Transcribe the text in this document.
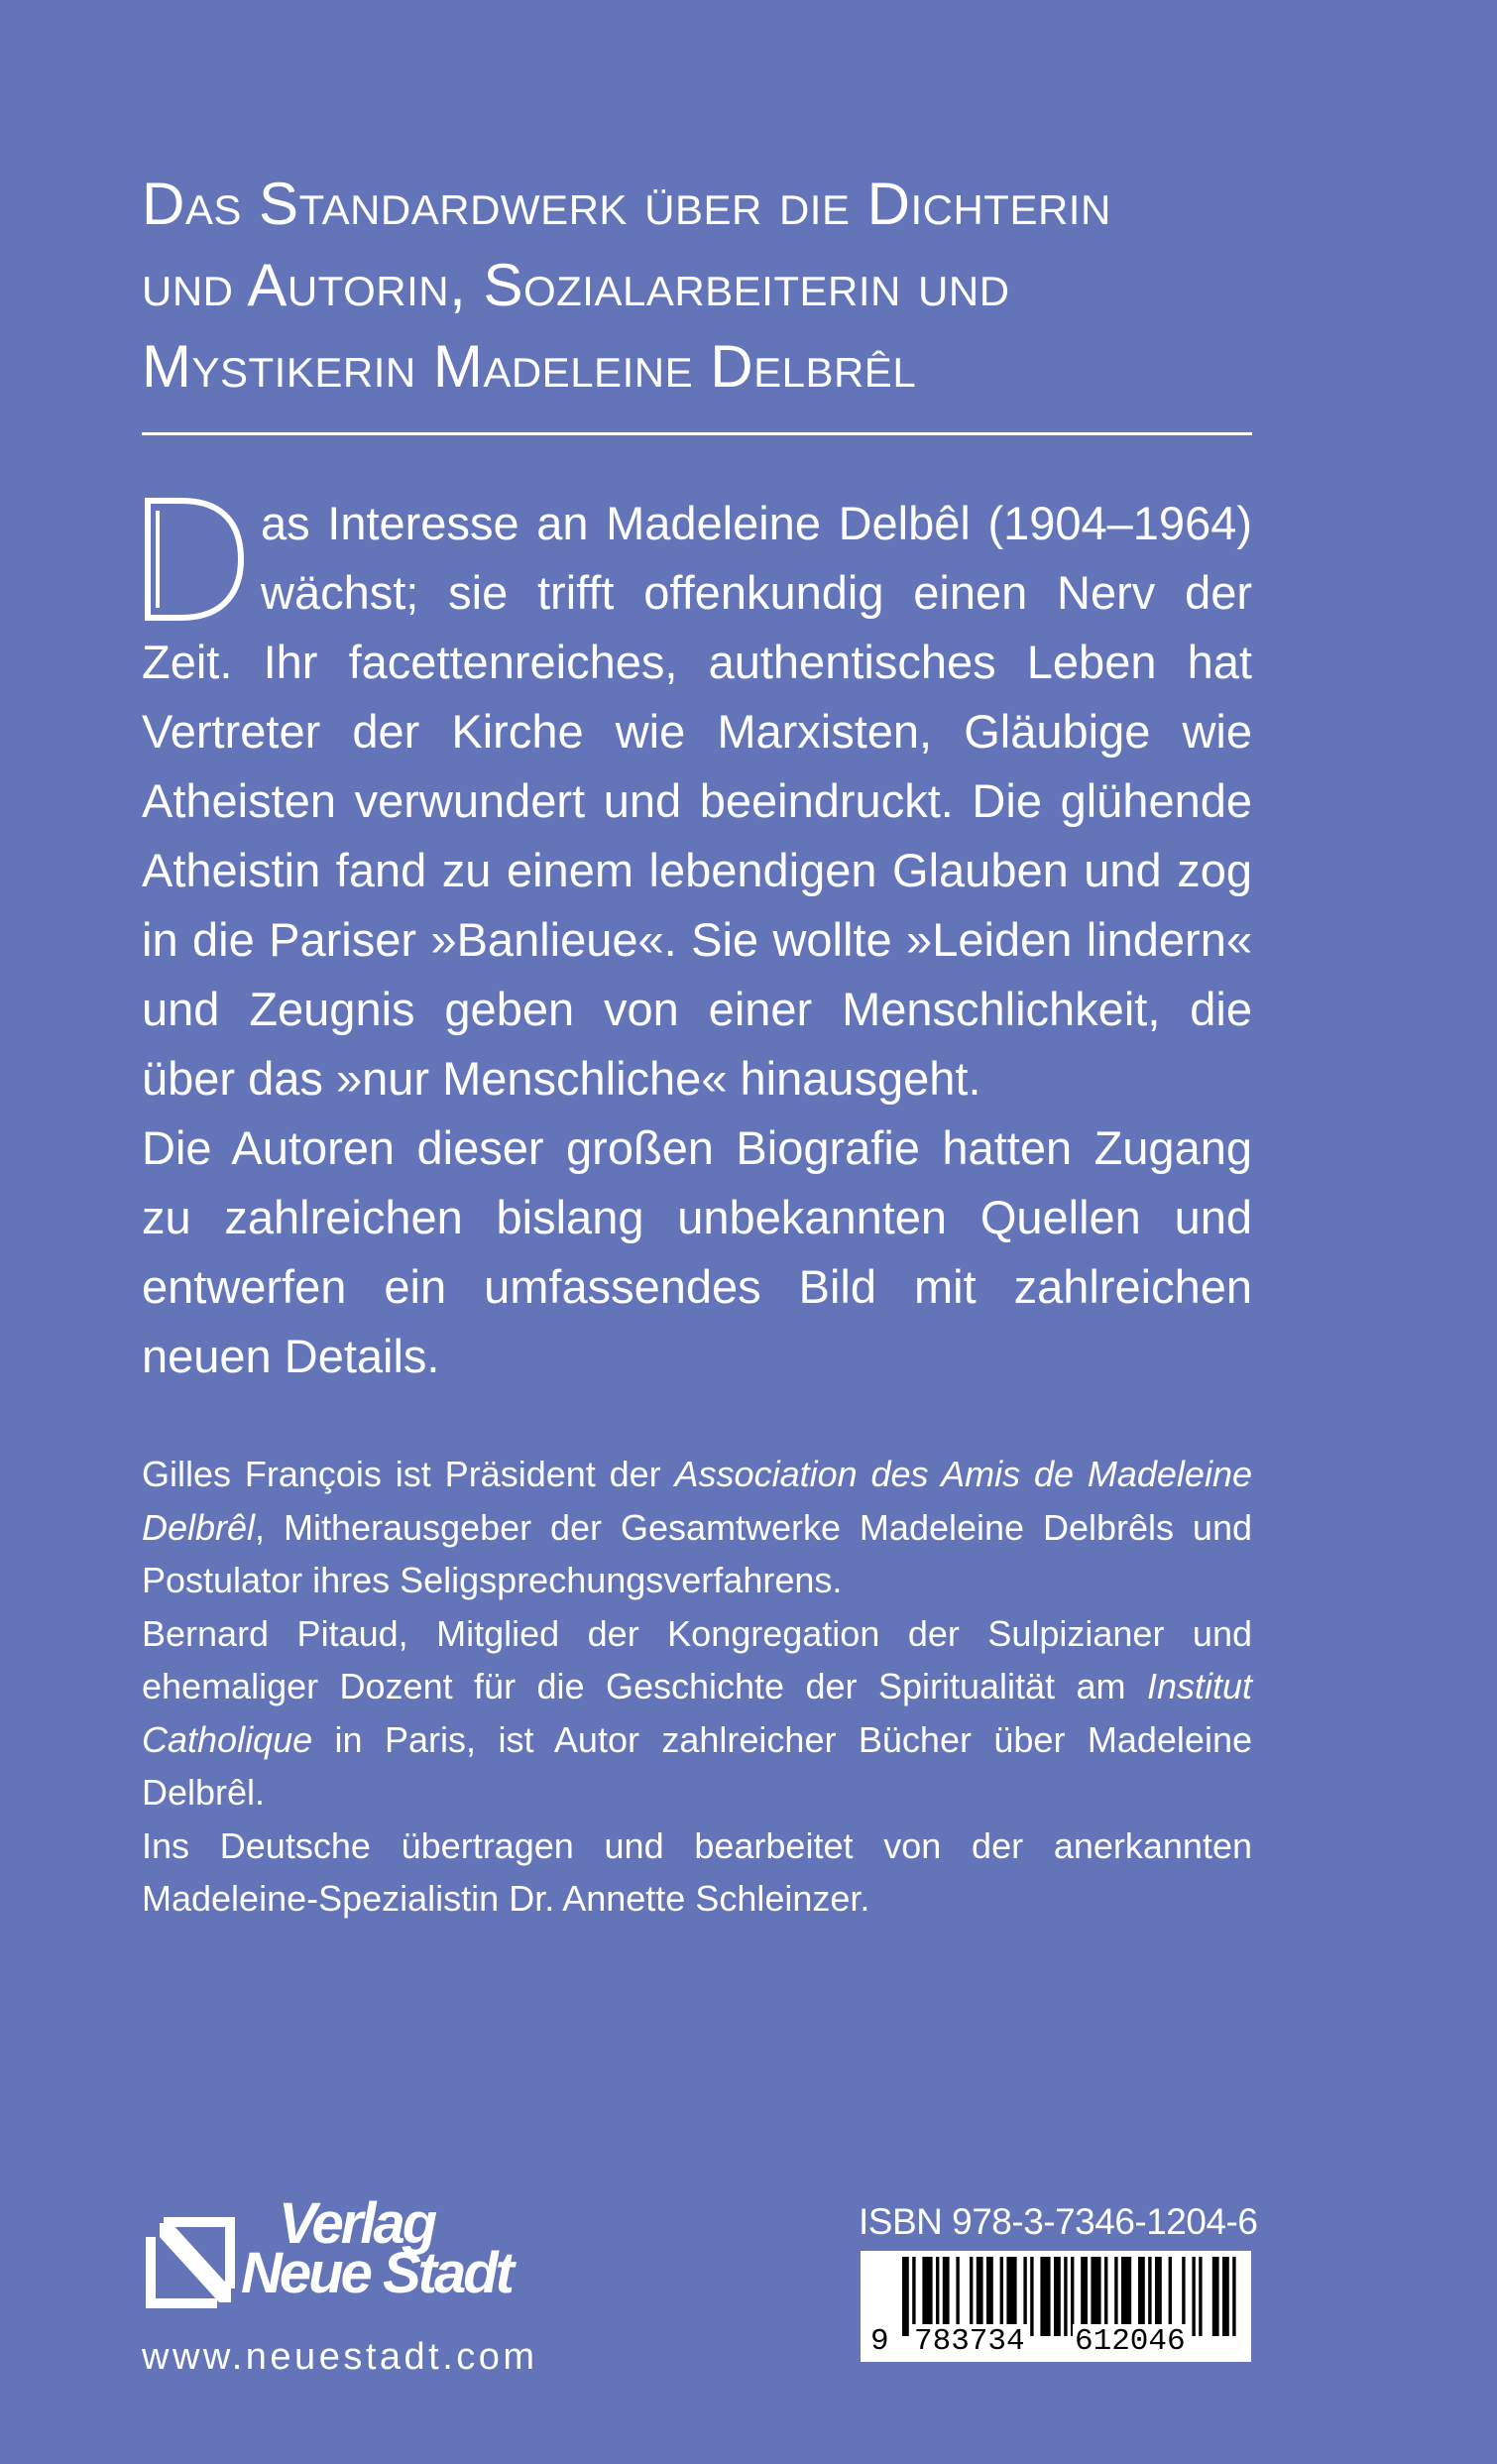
Das Standardwerk über die Dichterin
und Autorin, Sozialarbeiterin und
Mystikerin Madeleine Delbrêl

as Interesse an Madeleine Delbêl (1904–1964) wächst; sie trifft offenkundig einen Nerv der Zeit. Ihr facettenreiches, authentisches Leben hat Vertreter der Kirche wie Marxisten, Gläubige wie Atheisten verwundert und beeindruckt. Die glühende Atheistin fand zu einem lebendigen Glauben und zog in die Pariser »Banlieue«. Sie wollte »Leiden lindern« und Zeugnis geben von einer Menschlichkeit, die über das »nur Menschliche« hinausgeht.

Die Autoren dieser großen Biografie hatten Zugang zu zahlreichen bislang unbekannten Quellen und entwerfen ein umfassendes Bild mit zahlreichen neuen Details.

Gilles François ist Präsident der Association des Amis de Madeleine Delbrêl, Mitherausgeber der Gesamtwerke Madeleine Delbrêls und Postulator ihres Seligsprechungsverfahrens.

Bernard Pitaud, Mitglied der Kongregation der Sulpizianer und ehemaliger Dozent für die Geschichte der Spiritualität am Institut Catholique in Paris, ist Autor zahlreicher Bücher über Madeleine Delbrêl.

Ins Deutsche übertragen und bearbeitet von der anerkannten Madeleine-Spezialistin Dr. Annette Schleinzer.

Verlag
Neue Stadt
www.neuestadt.com
ISBN 978-3-7346-1204-6
9 783734 612046
